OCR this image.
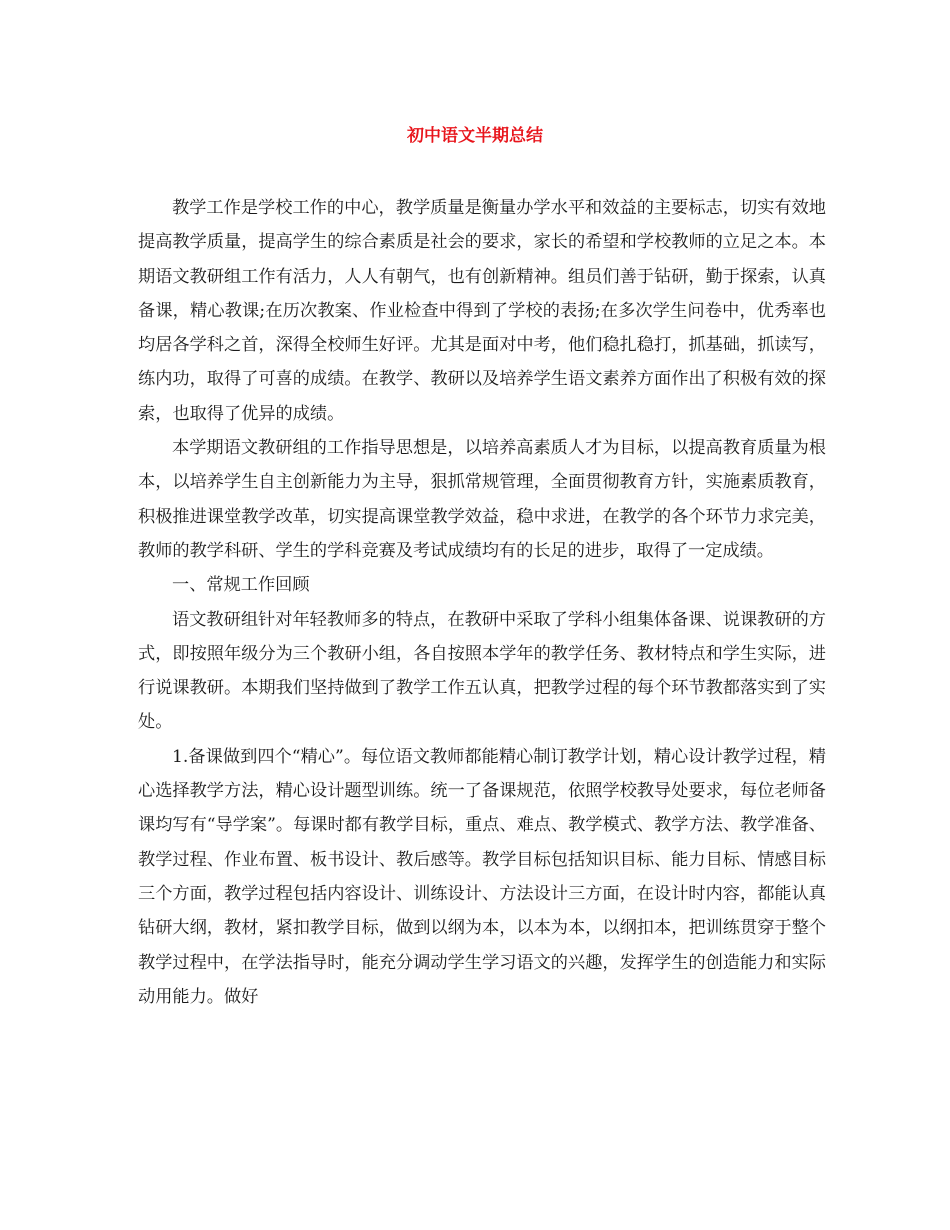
初中语文半期总结

教学工作是学校工作的中心，教学质量是衡量办学水平和效益的主要标志，切实有效地提高教学质量，提高学生的综合素质是社会的要求，家长的希望和学校教师的立足之本。本期语文教研组工作有活力，人人有朝气，也有创新精神。组员们善于钻研，勤于探索，认真备课，精心教课;在历次教案、作业检查中得到了学校的表扬;在多次学生问卷中，优秀率也均居各学科之首，深得全校师生好评。尤其是面对中考，他们稳扎稳打，抓基础，抓读写，练内功，取得了可喜的成绩。在教学、教研以及培养学生语文素养方面作出了积极有效的探索，也取得了优异的成绩。

本学期语文教研组的工作指导思想是，以培养高素质人才为目标，以提高教育质量为根本，以培养学生自主创新能力为主导，狠抓常规管理，全面贯彻教育方针，实施素质教育，积极推进课堂教学改革，切实提高课堂教学效益，稳中求进，在教学的各个环节力求完美，教师的教学科研、学生的学科竞赛及考试成绩均有的长足的进步，取得了一定成绩。

一、常规工作回顾

语文教研组针对年轻教师多的特点，在教研中采取了学科小组集体备课、说课教研的方式，即按照年级分为三个教研小组，各自按照本学年的教学任务、教材特点和学生实际，进行说课教研。本期我们坚持做到了教学工作五认真，把教学过程的每个环节教都落实到了实处。

1.备课做到四个“精心”。每位语文教师都能精心制订教学计划，精心设计教学过程，精心选择教学方法，精心设计题型训练。统一了备课规范，依照学校教导处要求，每位老师备课均写有“导学案”。每课时都有教学目标，重点、难点、教学模式、教学方法、教学准备、教学过程、作业布置、板书设计、教后感等。教学目标包括知识目标、能力目标、情感目标三个方面，教学过程包括内容设计、训练设计、方法设计三方面，在设计时内容，都能认真钻研大纲，教材，紧扣教学目标，做到以纲为本，以本为本，以纲扣本，把训练贯穿于整个教学过程中，在学法指导时，能充分调动学生学习语文的兴趣，发挥学生的创造能力和实际动用能力。做好
